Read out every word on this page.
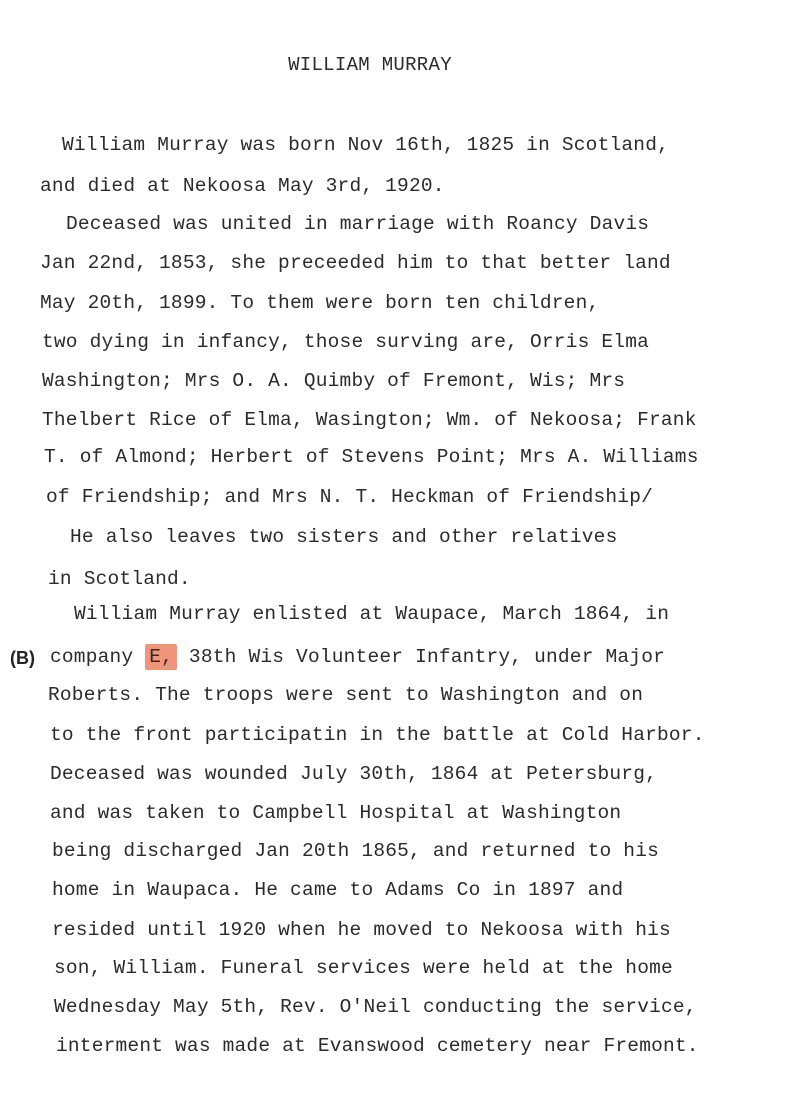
WILLIAM MURRAY
William Murray was born Nov 16th, 1825 in Scotland,
and died at Nekoosa May 3rd, 1920.
Deceased was united in marriage with Roancy Davis
Jan 22nd, 1853, she preceeded him to that better land
May 20th, 1899. To them were born ten children,
two dying in infancy, those surving are, Orris Elma
Washington; Mrs O. A. Quimby of Fremont, Wis; Mrs
Thelbert Rice of Elma, Wasington; Wm. of Nekoosa; Frank
T. of Almond; Herbert of Stevens Point; Mrs A. Williams
of Friendship; and Mrs N. T. Heckman of Friendship/
He also leaves two sisters and other relatives
in Scotland.
William Murray enlisted at Waupace, March 1864, in
(B) company E, 38th Wis Volunteer Infantry, under Major
Roberts. The troops were sent to Washington and on
to the front participatin in the battle at Cold Harbor.
Deceased was wounded July 30th, 1864 at Petersburg,
and was taken to Campbell Hospital at Washington
being discharged Jan 20th 1865, and returned to his
home in Waupaca. He came to Adams Co in 1897 and
resided until 1920 when he moved to Nekoosa with his
son, William. Funeral services were held at the home
Wednesday May 5th, Rev. O'Neil conducting the service,
interment was made at Evanswood cemetery near Fremont.
